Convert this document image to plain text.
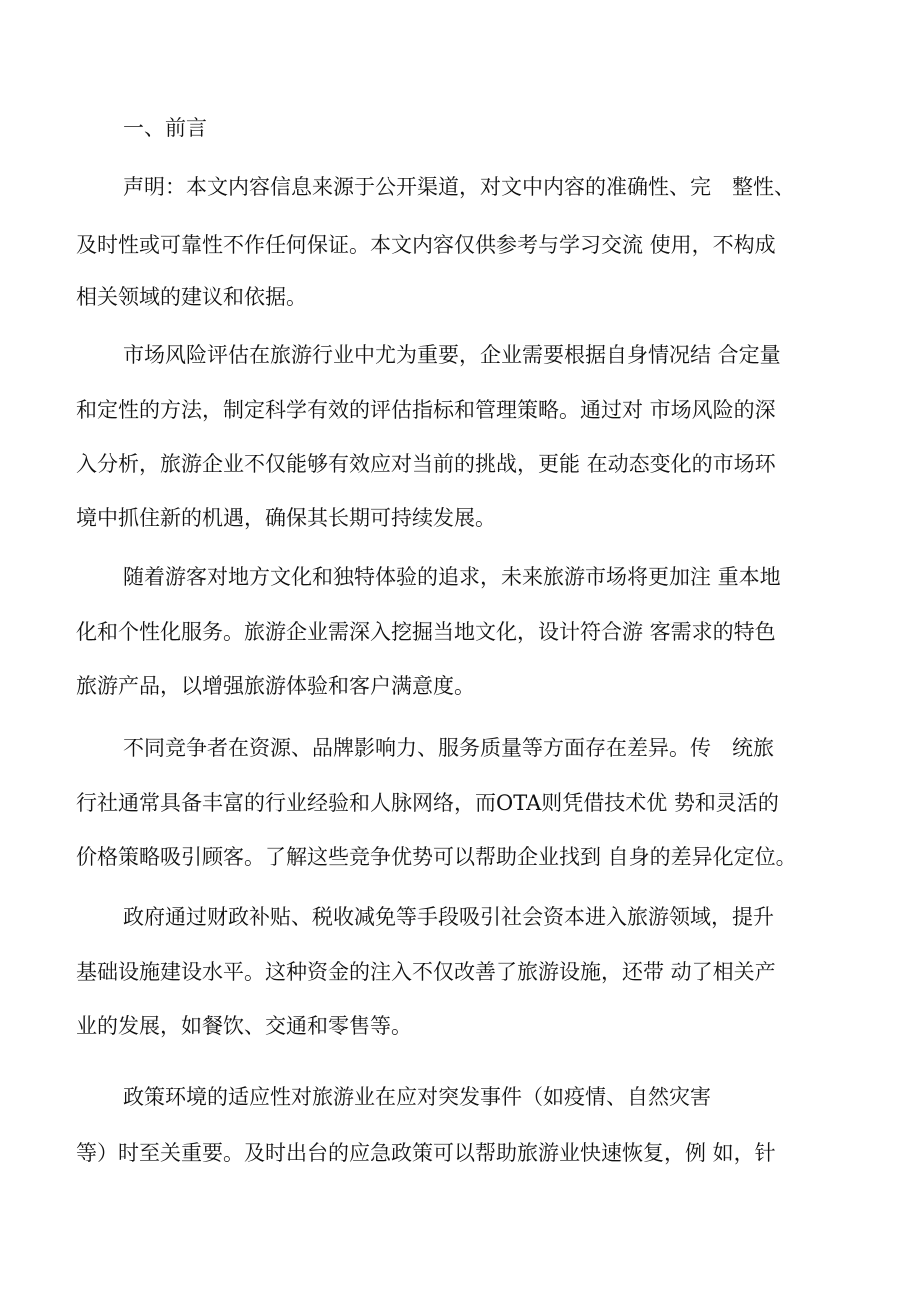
一、前言

声明：本文内容信息来源于公开渠道，对文中内容的准确性、完　整性、

及时性或可靠性不作任何保证。本文内容仅供参考与学习交流 使用，不构成

相关领域的建议和依据。

市场风险评估在旅游行业中尤为重要，企业需要根据自身情况结 合定量

和定性的方法，制定科学有效的评估指标和管理策略。通过对 市场风险的深

入分析，旅游企业不仅能够有效应对当前的挑战，更能 在动态变化的市场环

境中抓住新的机遇，确保其长期可持续发展。

随着游客对地方文化和独特体验的追求，未来旅游市场将更加注 重本地

化和个性化服务。旅游企业需深入挖掘当地文化，设计符合游 客需求的特色

旅游产品，以增强旅游体验和客户满意度。

不同竞争者在资源、品牌影响力、服务质量等方面存在差异。传　统旅

行社通常具备丰富的行业经验和人脉网络，而OTA则凭借技术优 势和灵活的

价格策略吸引顾客。了解这些竞争优势可以帮助企业找到 自身的差异化定位。

政府通过财政补贴、税收减免等手段吸引社会资本进入旅游领域，提升

基础设施建设水平。这种资金的注入不仅改善了旅游设施，还带 动了相关产

业的发展，如餐饮、交通和零售等。

政策环境的适应性对旅游业在应对突发事件（如疫情、自然灾害

等）时至关重要。及时出台的应急政策可以帮助旅游业快速恢复，例 如，针
